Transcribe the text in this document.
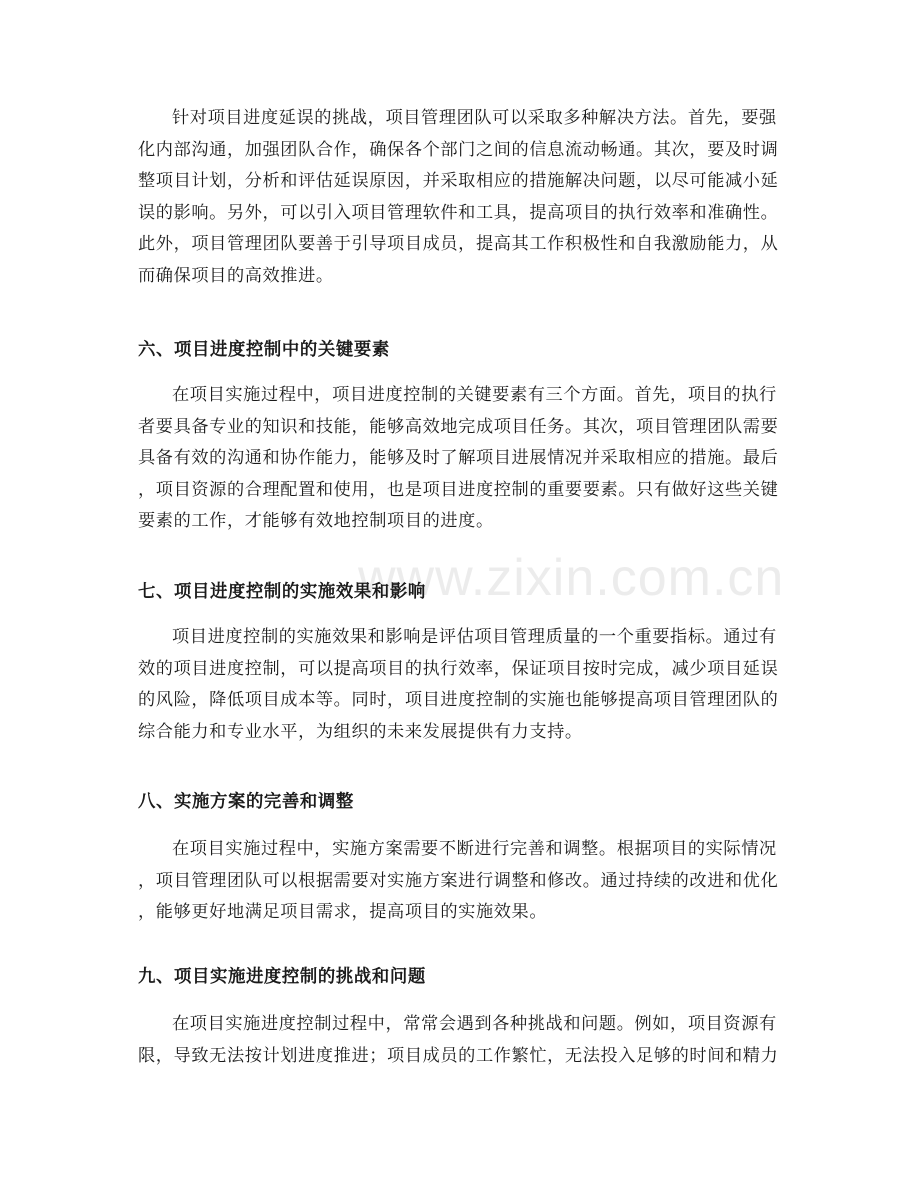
www.zixin.com.cn

针对项目进度延误的挑战，项目管理团队可以采取多种解决方法。首先，要强
化内部沟通，加强团队合作，确保各个部门之间的信息流动畅通。其次，要及时调
整项目计划，分析和评估延误原因，并采取相应的措施解决问题，以尽可能减小延
误的影响。另外，可以引入项目管理软件和工具，提高项目的执行效率和准确性。
此外，项目管理团队要善于引导项目成员，提高其工作积极性和自我激励能力，从
而确保项目的高效推进。

六、项目进度控制中的关键要素

在项目实施过程中，项目进度控制的关键要素有三个方面。首先，项目的执行
者要具备专业的知识和技能，能够高效地完成项目任务。其次，项目管理团队需要
具备有效的沟通和协作能力，能够及时了解项目进展情况并采取相应的措施。最后
，项目资源的合理配置和使用，也是项目进度控制的重要要素。只有做好这些关键
要素的工作，才能够有效地控制项目的进度。

七、项目进度控制的实施效果和影响

项目进度控制的实施效果和影响是评估项目管理质量的一个重要指标。通过有
效的项目进度控制，可以提高项目的执行效率，保证项目按时完成，减少项目延误
的风险，降低项目成本等。同时，项目进度控制的实施也能够提高项目管理团队的
综合能力和专业水平，为组织的未来发展提供有力支持。

八、实施方案的完善和调整

在项目实施过程中，实施方案需要不断进行完善和调整。根据项目的实际情况
，项目管理团队可以根据需要对实施方案进行调整和修改。通过持续的改进和优化
，能够更好地满足项目需求，提高项目的实施效果。

九、项目实施进度控制的挑战和问题

在项目实施进度控制过程中，常常会遇到各种挑战和问题。例如，项目资源有
限，导致无法按计划进度推进；项目成员的工作繁忙，无法投入足够的时间和精力
